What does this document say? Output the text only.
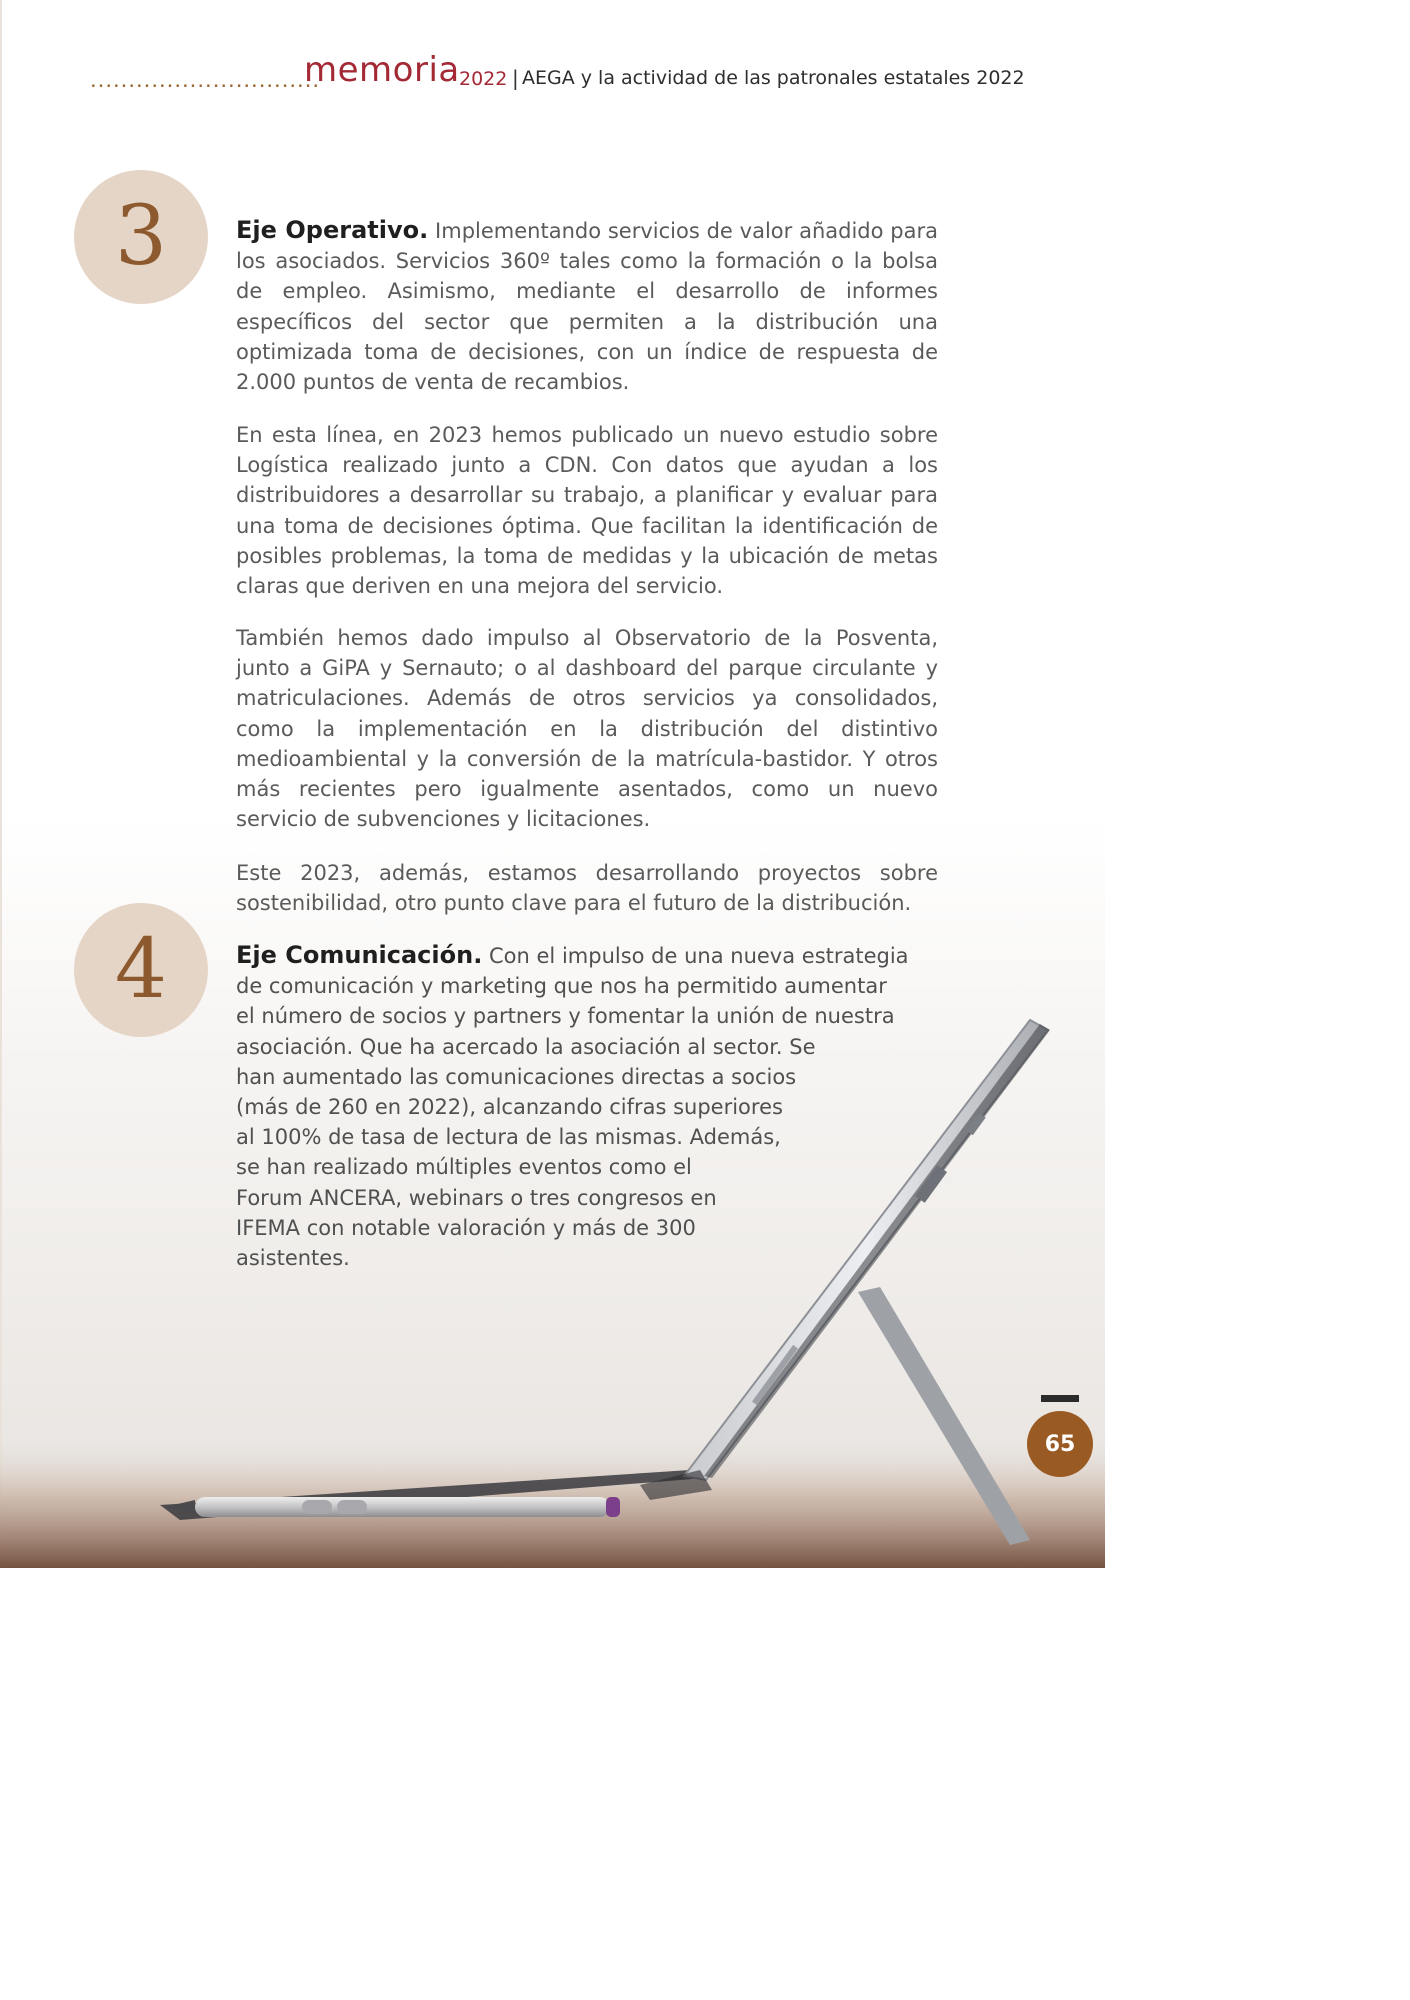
..............................
memoria 2022 | AEGA y la actividad de las patronales estatales 2022
3	Eje Operativo. Implementando servicios de valor añadido para los asociados. Servicios 360º tales como la formación o la bolsa de empleo. Asimismo, mediante el desarrollo de informes específicos del sector que permiten a la distribución una optimizada toma de decisiones, con un índice de respuesta de 2.000 puntos de venta de recambios.

En esta línea, en 2023 hemos publicado un nuevo estudio sobre Logística realizado junto a CDN. Con datos que ayudan a los distribuidores a desarrollar su trabajo, a planificar y evaluar para una toma de decisiones óptima. Que facilitan la identificación de posibles problemas, la toma de medidas y la ubicación de metas claras que deriven en una mejora del servicio.

También hemos dado impulso al Observatorio de la Posventa, junto a GiPA y Sernauto; o al dashboard del parque circulante y matriculaciones. Además de otros servicios ya consolidados, como la implementación en la distribución del distintivo medioambiental y la conversión de la matrícula-bastidor. Y otros más recientes pero igualmente asentados, como un nuevo servicio de subvenciones y licitaciones.

Este 2023, además, estamos desarrollando proyectos sobre sostenibilidad, otro punto clave para el futuro de la distribución.

4	Eje Comunicación. Con el impulso de una nueva estrategia
de comunicación y marketing que nos ha permitido aumentar
el número de socios y partners y fomentar la unión de nuestra
asociación. Que ha acercado la asociación al sector. Se
han aumentado las comunicaciones directas a socios
(más de 260 en 2022), alcanzando cifras superiores
al 100% de tasa de lectura de las mismas. Además,
se han realizado múltiples eventos como el
Forum ANCERA, webinars o tres congresos en
IFEMA con notable valoración y más de 300
asistentes.

65
